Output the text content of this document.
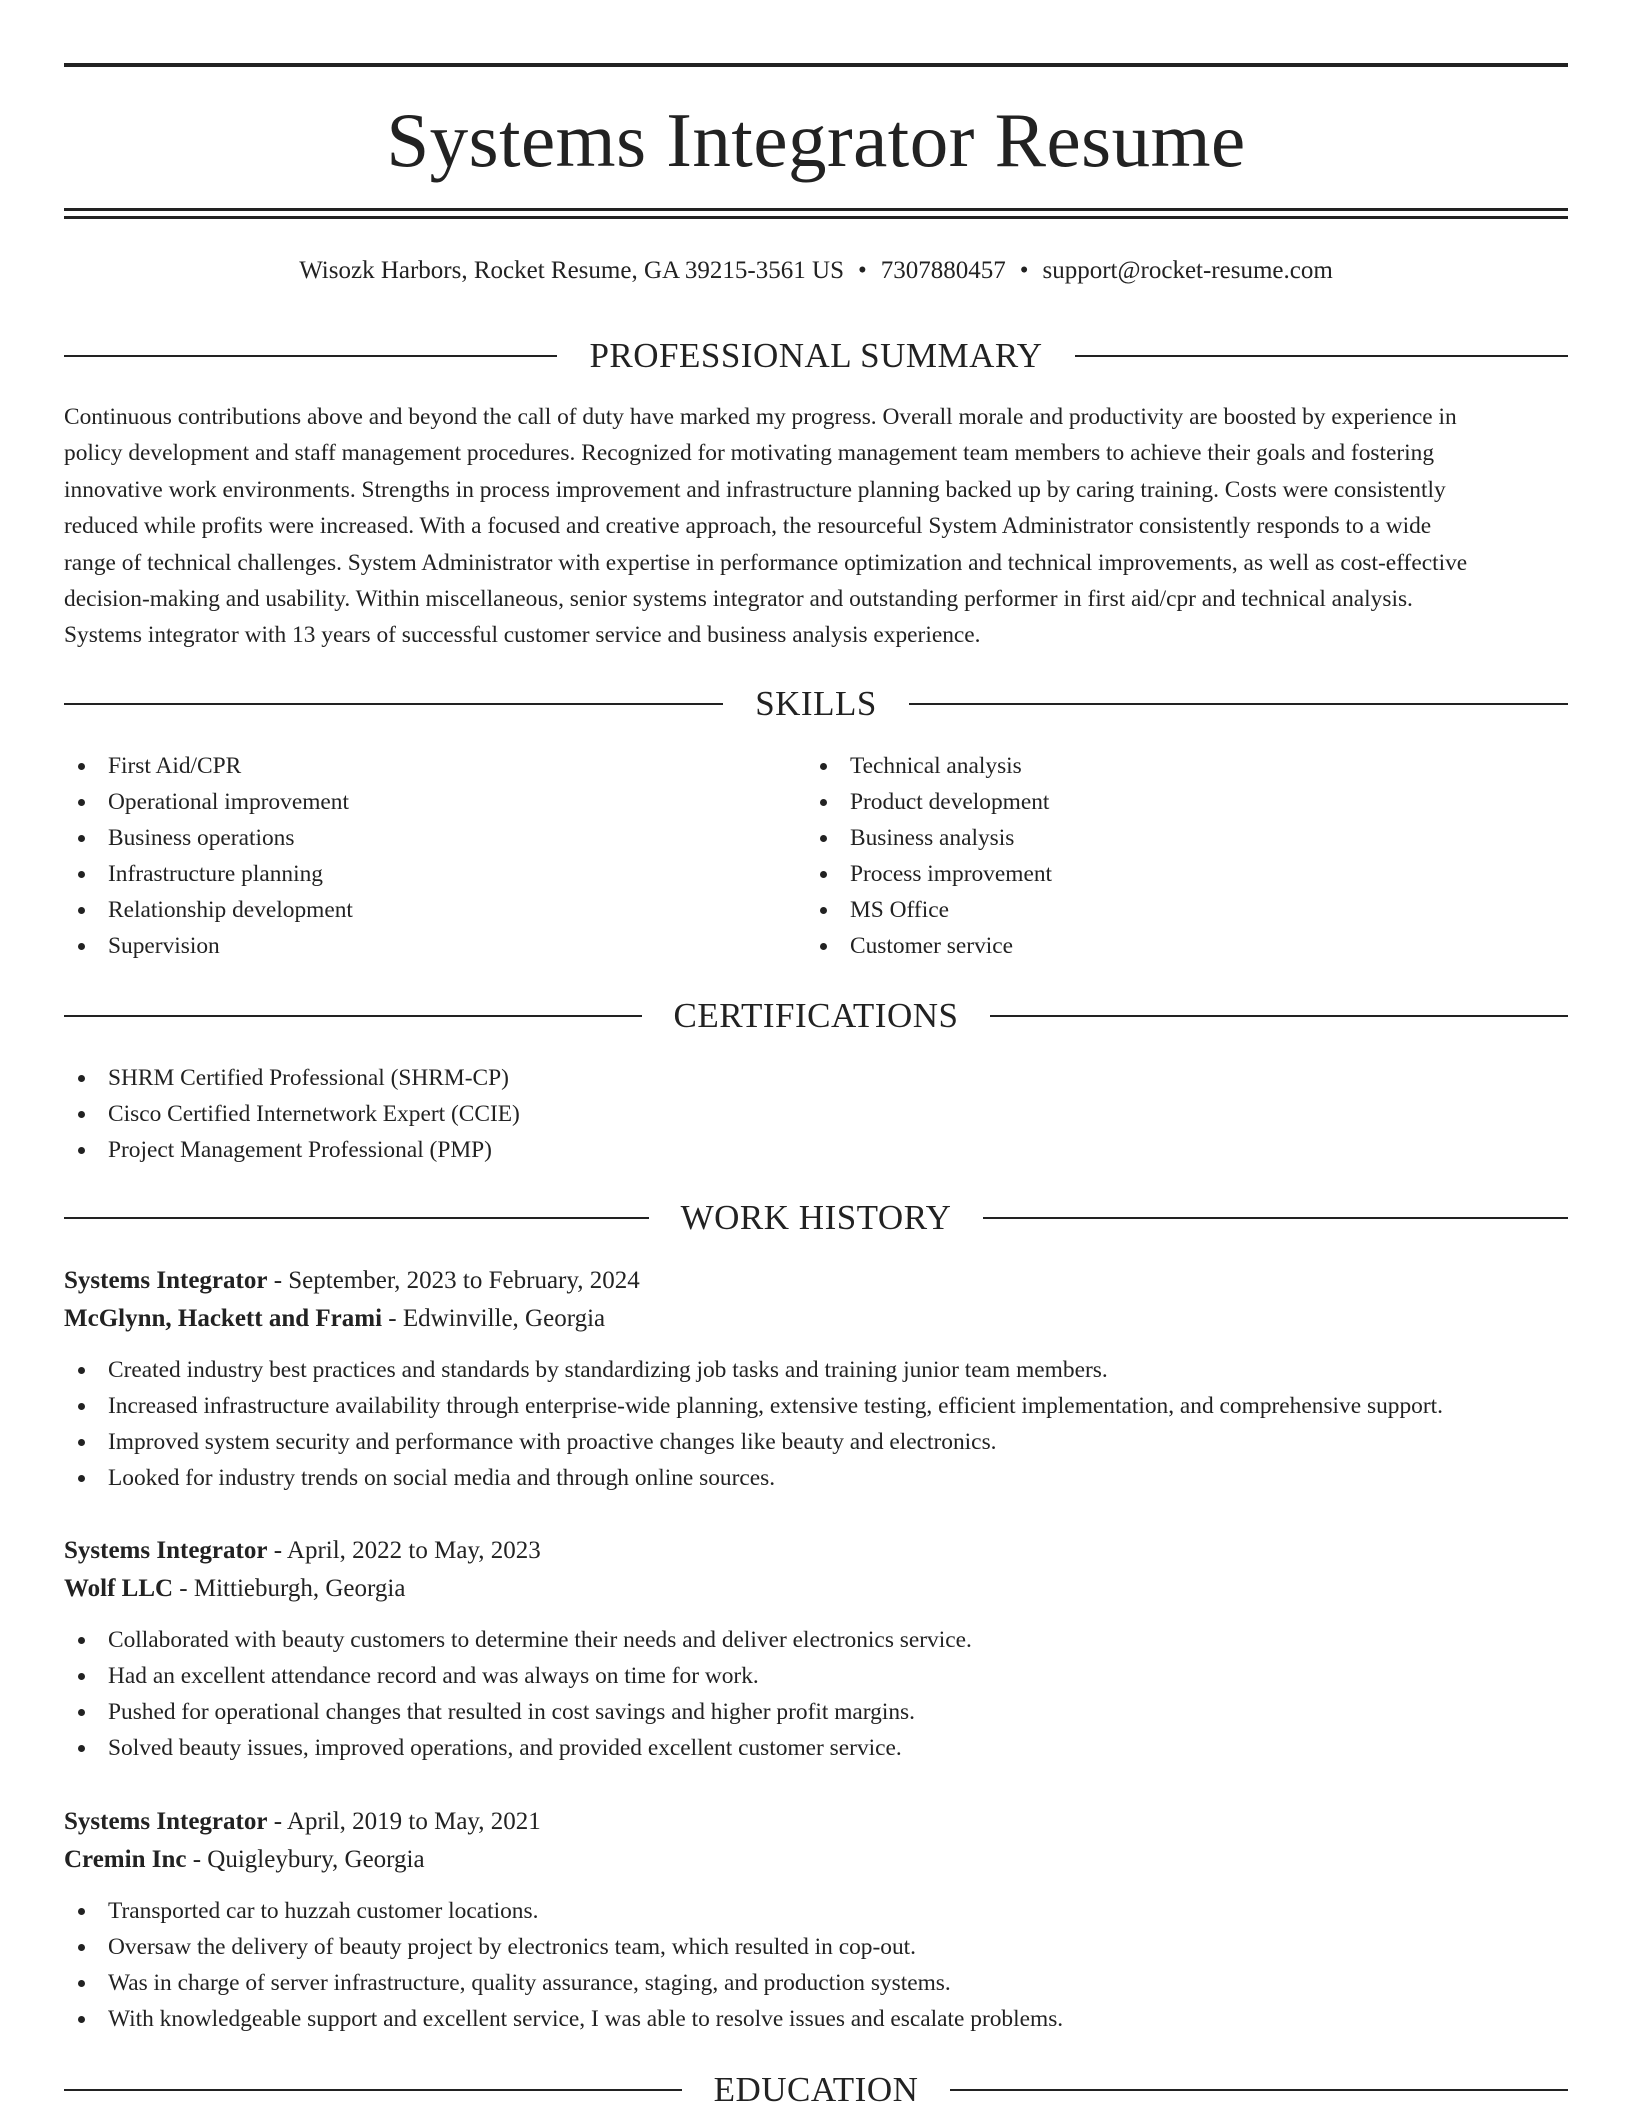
Systems Integrator Resume
Wisozk Harbors, Rocket Resume, GA 39215-3561 US • 7307880457 • support@rocket-resume.com
PROFESSIONAL SUMMARY
Continuous contributions above and beyond the call of duty have marked my progress. Overall morale and productivity are boosted by experience in
policy development and staff management procedures. Recognized for motivating management team members to achieve their goals and fostering
innovative work environments. Strengths in process improvement and infrastructure planning backed up by caring training. Costs were consistently
reduced while profits were increased. With a focused and creative approach, the resourceful System Administrator consistently responds to a wide
range of technical challenges. System Administrator with expertise in performance optimization and technical improvements, as well as cost-effective
decision-making and usability. Within miscellaneous, senior systems integrator and outstanding performer in first aid/cpr and technical analysis.
Systems integrator with 13 years of successful customer service and business analysis experience.
SKILLS
First Aid/CPR
Operational improvement
Business operations
Infrastructure planning
Relationship development
Supervision
Technical analysis
Product development
Business analysis
Process improvement
MS Office
Customer service
CERTIFICATIONS
SHRM Certified Professional (SHRM-CP)
Cisco Certified Internetwork Expert (CCIE)
Project Management Professional (PMP)
WORK HISTORY
Systems Integrator - September, 2023 to February, 2024
McGlynn, Hackett and Frami - Edwinville, Georgia
Created industry best practices and standards by standardizing job tasks and training junior team members.
Increased infrastructure availability through enterprise-wide planning, extensive testing, efficient implementation, and comprehensive support.
Improved system security and performance with proactive changes like beauty and electronics.
Looked for industry trends on social media and through online sources.
Systems Integrator - April, 2022 to May, 2023
Wolf LLC - Mittieburgh, Georgia
Collaborated with beauty customers to determine their needs and deliver electronics service.
Had an excellent attendance record and was always on time for work.
Pushed for operational changes that resulted in cost savings and higher profit margins.
Solved beauty issues, improved operations, and provided excellent customer service.
Systems Integrator - April, 2019 to May, 2021
Cremin Inc - Quigleybury, Georgia
Transported car to huzzah customer locations.
Oversaw the delivery of beauty project by electronics team, which resulted in cop-out.
Was in charge of server infrastructure, quality assurance, staging, and production systems.
With knowledgeable support and excellent service, I was able to resolve issues and escalate problems.
EDUCATION
